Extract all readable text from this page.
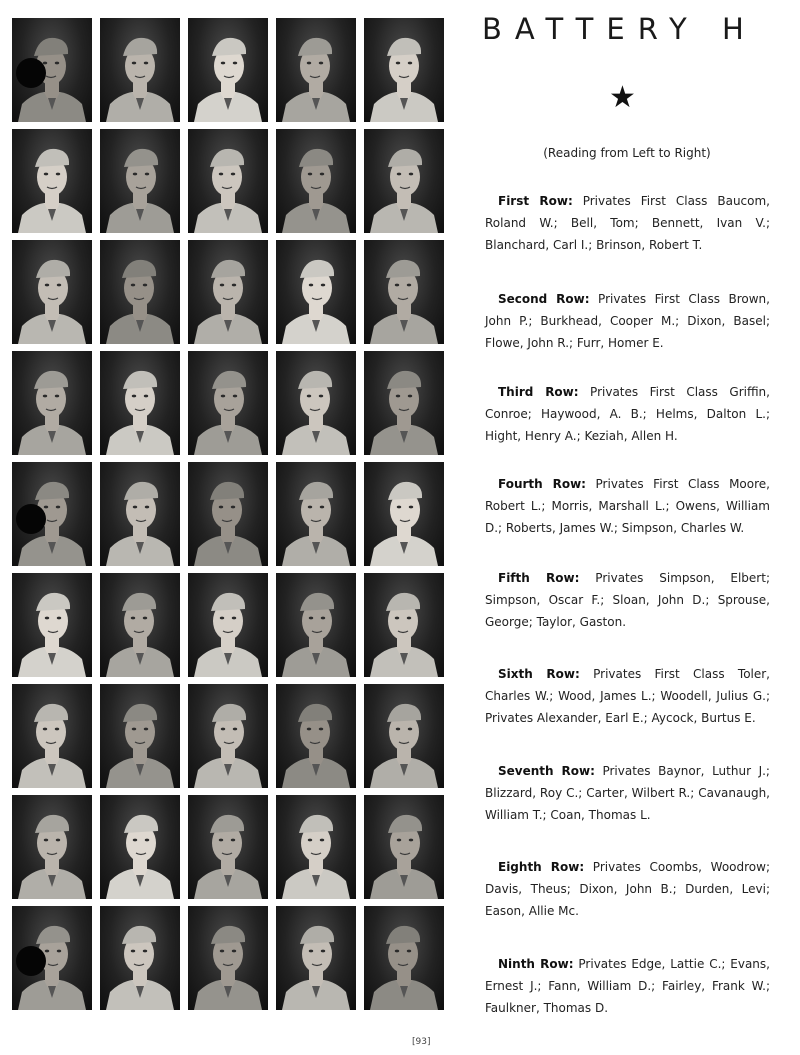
BATTERY H
★
(Reading from Left to Right)
First Row: Privates First Class Baucom, Roland W.; Bell, Tom; Bennett, Ivan V.; Blanchard, Carl I.; Brinson, Robert T.
Second Row: Privates First Class Brown, John P.; Burkhead, Cooper M.; Dixon, Basel; Flowe, John R.; Furr, Homer E.
Third Row: Privates First Class Griffin, Conroe; Haywood, A. B.; Helms, Dalton L.; Hight, Henry A.; Keziah, Allen H.
Fourth Row: Privates First Class Moore, Robert L.; Morris, Marshall L.; Owens, William D.; Roberts, James W.; Simpson, Charles W.
Fifth Row: Privates Simpson, Elbert; Simpson, Oscar F.; Sloan, John D.; Sprouse, George; Taylor, Gaston.
Sixth Row: Privates First Class Toler, Charles W.; Wood, James L.; Woodell, Julius G.; Privates Alexander, Earl E.; Aycock, Burtus E.
Seventh Row: Privates Baynor, Luthur J.; Blizzard, Roy C.; Carter, Wilbert R.; Cavanaugh, William T.; Coan, Thomas L.
Eighth Row: Privates Coombs, Woodrow; Davis, Theus; Dixon, John B.; Durden, Levi; Eason, Allie Mc.
Ninth Row: Privates Edge, Lattie C.; Evans, Ernest J.; Fann, William D.; Fairley, Frank W.; Faulkner, Thomas D.
[93]
